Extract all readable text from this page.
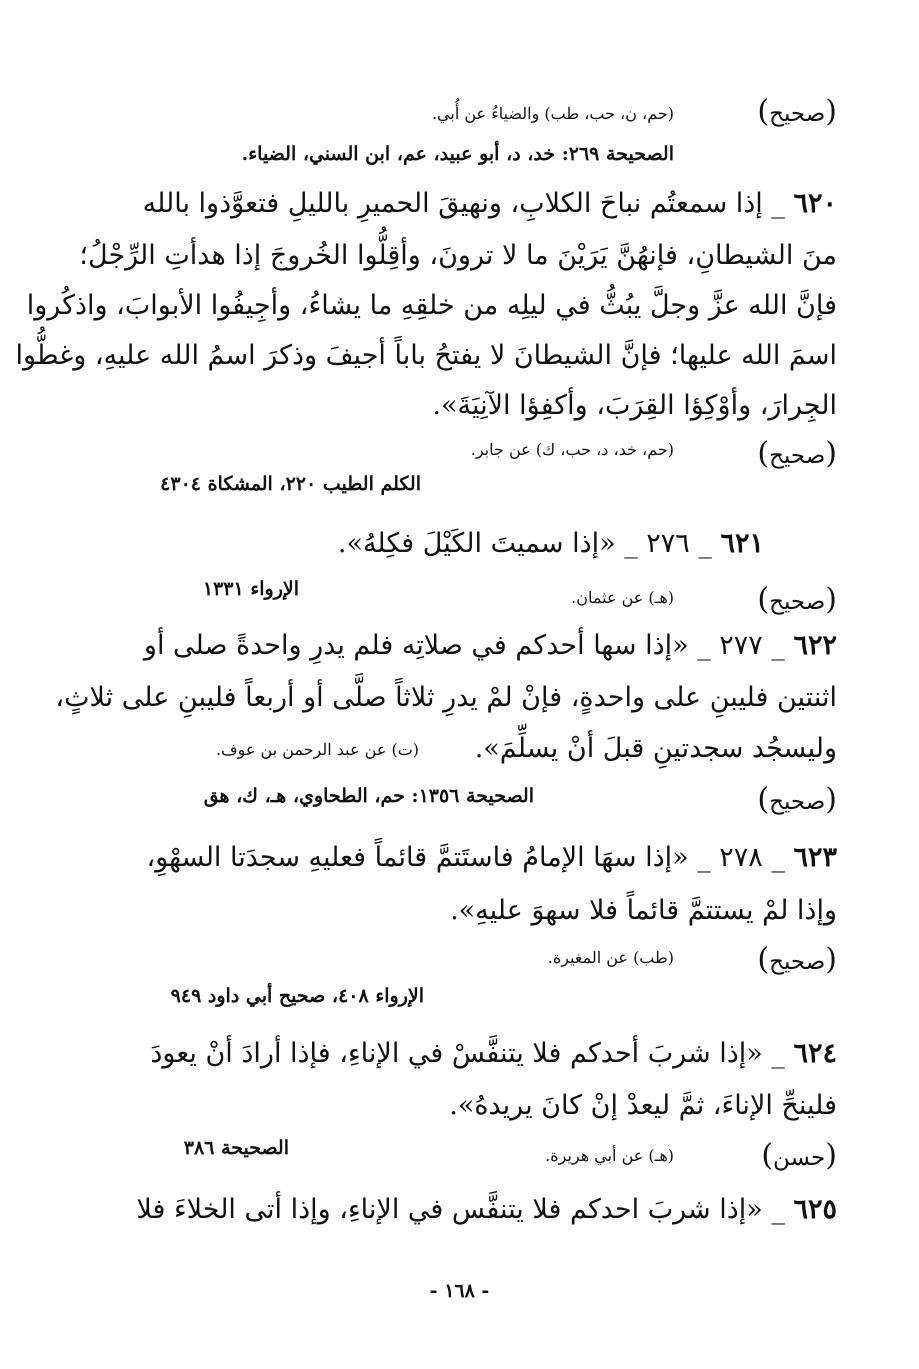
(صحيح)
(حم، ن، حب، طب) والضياءُ عن أُبي.
الصحيحة ٢٦٩: خد، د، أبو عبيد، عم، ابن السني، الضياء.
٦٢٠ _ إذا سمعتُم نباحَ الكلابِ، ونهيقَ الحميرِ بالليلِ فتعوَّذوا بالله
منَ الشيطانِ، فإنهُنَّ يَرَيْنَ ما لا ترونَ، وأقِلُّوا الخُروجَ إذا هدأتِ الرِّجْلُ؛
فإنَّ الله عزَّ وجلَّ يبُثُّ في ليلِه من خلقِهِ ما يشاءُ، وأجِيفُوا الأبوابَ، واذكُروا
اسمَ الله عليها؛ فإنَّ الشيطانَ لا يفتحُ باباً أجيفَ وذكرَ اسمُ الله عليهِ، وغطُّوا
الجِرارَ، وأوْكِؤا القِرَبَ، وأكفِؤا الآنِيَةَ».
(صحيح)
(حم، خد، د، حب، ك) عن جابر.
الكلم الطيب ٢٢٠، المشكاة ٤٣٠٤
٦٢١ _ ٢٧٦ _ «إذا سميتَ الكَيْلَ فكِلهُ».
(صحيح)
(هـ) عن عثمان.
الإرواء ١٣٣١
٦٢٢ _ ٢٧٧ _ «إذا سها أحدكم في صلاتِه فلم يدرِ واحدةً صلى أو
اثنتين فليبنِ على واحدةٍ، فإنْ لمْ يدرِ ثلاثاً صلَّى أو أربعاً فليبنِ على ثلاثٍ،
وليسجُد سجدتينِ قبلَ أنْ يسلِّمَ».
(ت) عن عبد الرحمن بن عوف.
(صحيح)
الصحيحة ١٣٥٦: حم، الطحاوي، هـ، ك، هق
٦٢٣ _ ٢٧٨ _ «إذا سهَا الإمامُ فاستَتمَّ قائماً فعليهِ سجدَتا السهْوِ،
وإذا لمْ يستتمَّ قائماً فلا سهوَ عليهِ».
(صحيح)
(طب) عن المغيرة.
الإرواء ٤٠٨، صحيح أبي داود ٩٤٩
٦٢٤ _ «إذا شربَ أحدكم فلا يتنفَّسْ في الإناءِ، فإذا أرادَ أنْ يعودَ
فلينحِّ الإناءَ، ثمَّ ليعدْ إنْ كانَ يريدهُ».
(حسن)
(هـ) عن أبي هريرة.
الصحيحة ٣٨٦
٦٢٥ _ «إذا شربَ احدكم فلا يتنفَّس في الإناءِ، وإذا أتى الخلاءَ فلا
- ١٦٨ -
